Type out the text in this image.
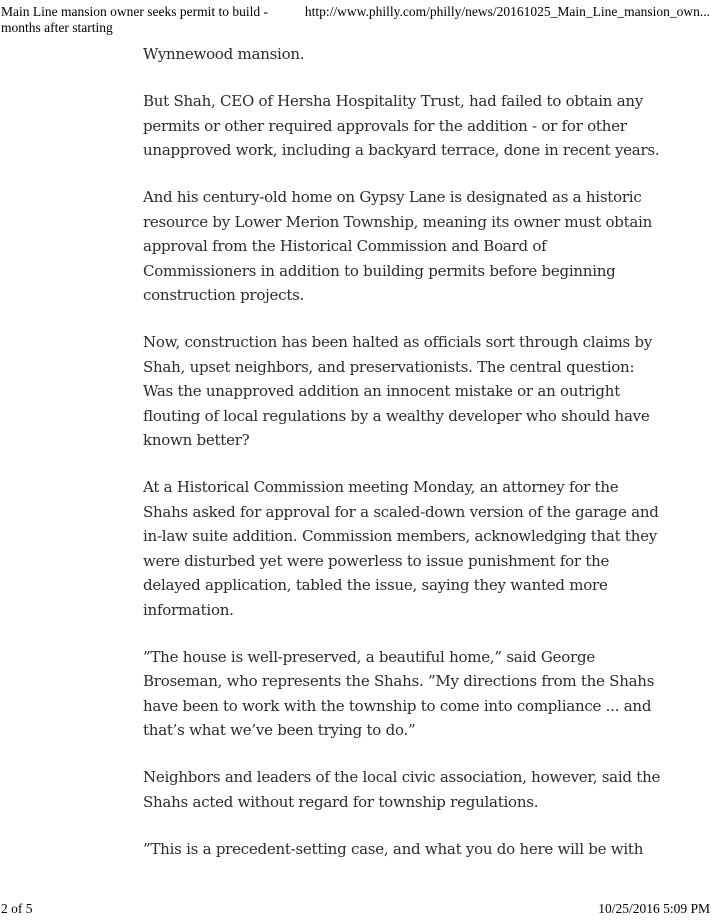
Main Line mansion owner seeks permit to build - months after starting
http://www.philly.com/philly/news/20161025_Main_Line_mansion_own...
Wynnewood mansion.
But Shah, CEO of Hersha Hospitality Trust, had failed to obtain any
permits or other required approvals for the addition - or for other
unapproved work, including a backyard terrace, done in recent years.
And his century-old home on Gypsy Lane is designated as a historic
resource by Lower Merion Township, meaning its owner must obtain
approval from the Historical Commission and Board of
Commissioners in addition to building permits before beginning
construction projects.
Now, construction has been halted as officials sort through claims by
Shah, upset neighbors, and preservationists. The central question:
Was the unapproved addition an innocent mistake or an outright
flouting of local regulations by a wealthy developer who should have
known better?
At a Historical Commission meeting Monday, an attorney for the
Shahs asked for approval for a scaled-down version of the garage and
in-law suite addition. Commission members, acknowledging that they
were disturbed yet were powerless to issue punishment for the
delayed application, tabled the issue, saying they wanted more
information.
”The house is well-preserved, a beautiful home,” said George
Broseman, who represents the Shahs. ”My directions from the Shahs
have been to work with the township to come into compliance ... and
that’s what we’ve been trying to do.”
Neighbors and leaders of the local civic association, however, said the
Shahs acted without regard for township regulations.
”This is a precedent-setting case, and what you do here will be with
2 of 5	10/25/2016 5:09 PM
